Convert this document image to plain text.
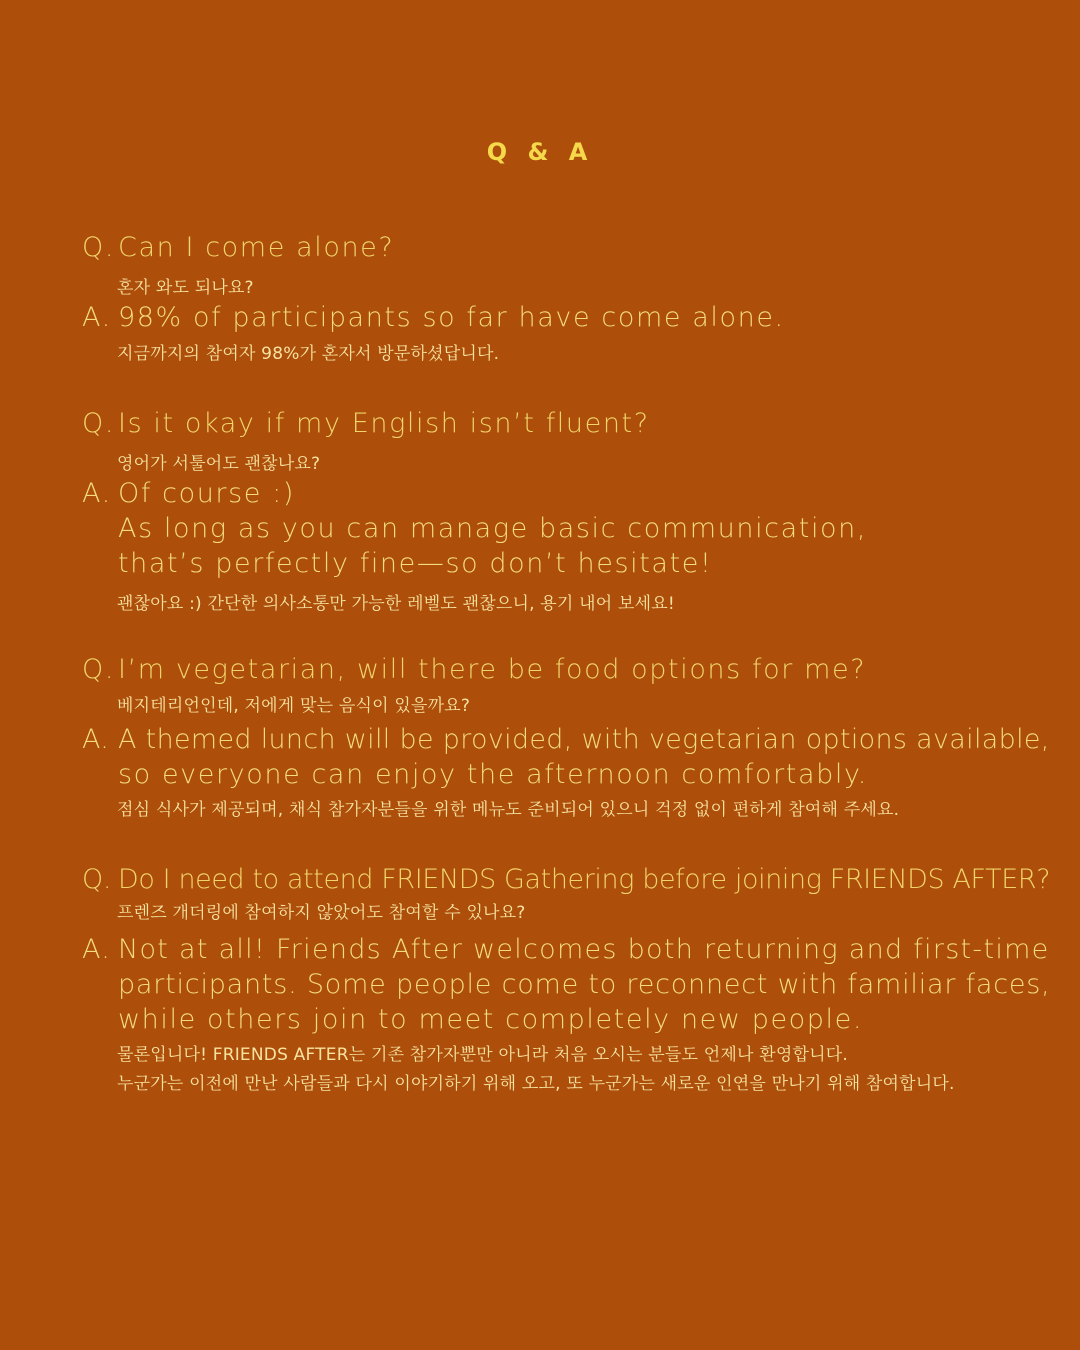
Q & A
Q. Can I come alone?
혼자 와도 되나요?
A. 98% of participants so far have come alone.
지금까지의 참여자 98%가 혼자서 방문하셨답니다.
Q. Is it okay if my English isn’t fluent?
영어가 서툴어도 괜찮나요?
A. Of course :)
As long as you can manage basic communication,
that’s perfectly fine—so don’t hesitate!
괜찮아요 :) 간단한 의사소통만 가능한 레벨도 괜찮으니, 용기 내어 보세요!
Q. I’m vegetarian, will there be food options for me?
베지테리언인데, 저에게 맞는 음식이 있을까요?
A. A themed lunch will be provided, with vegetarian options available,
so everyone can enjoy the afternoon comfortably.
점심 식사가 제공되며, 채식 참가자분들을 위한 메뉴도 준비되어 있으니 걱정 없이 편하게 참여해 주세요.
Q. Do I need to attend FRIENDS Gathering before joining FRIENDS AFTER?
프렌즈 개더링에 참여하지 않았어도 참여할 수 있나요?
A. Not at all! Friends After welcomes both returning and first-time
participants. Some people come to reconnect with familiar faces,
while others join to meet completely new people.
물론입니다! FRIENDS AFTER는 기존 참가자뿐만 아니라 처음 오시는 분들도 언제나 환영합니다.
누군가는 이전에 만난 사람들과 다시 이야기하기 위해 오고, 또 누군가는 새로운 인연을 만나기 위해 참여합니다.
